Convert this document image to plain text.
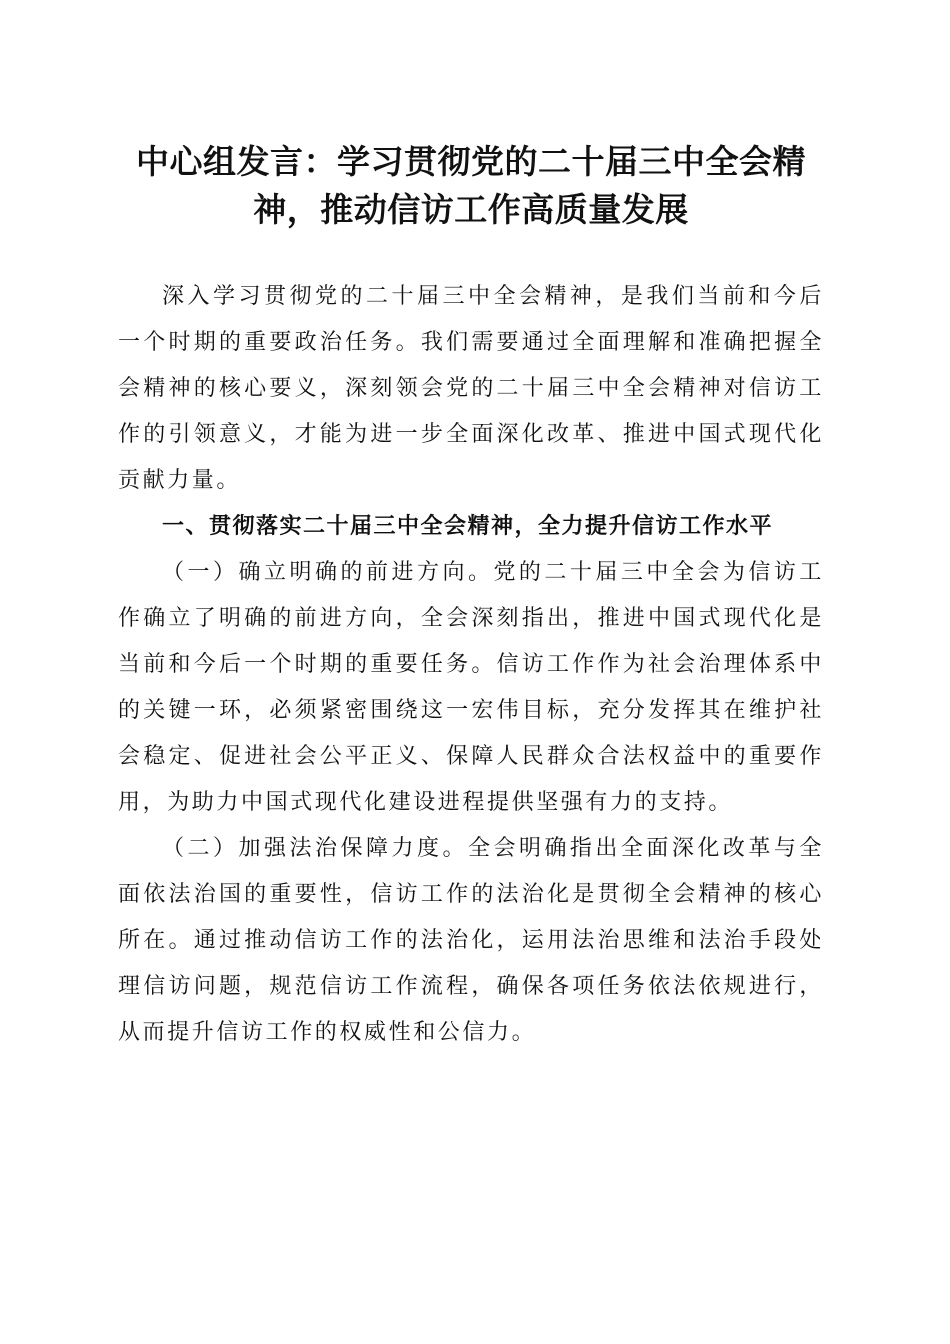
中心组发言：学习贯彻党的二十届三中全会精神，推动信访工作高质量发展

深入学习贯彻党的二十届三中全会精神，是我们当前和今后一个时期的重要政治任务。我们需要通过全面理解和准确把握全会精神的核心要义，深刻领会党的二十届三中全会精神对信访工作的引领意义，才能为进一步全面深化改革、推进中国式现代化贡献力量。

一、贯彻落实二十届三中全会精神，全力提升信访工作水平

（一）确立明确的前进方向。党的二十届三中全会为信访工作确立了明确的前进方向，全会深刻指出，推进中国式现代化是当前和今后一个时期的重要任务。信访工作作为社会治理体系中的关键一环，必须紧密围绕这一宏伟目标，充分发挥其在维护社会稳定、促进社会公平正义、保障人民群众合法权益中的重要作用，为助力中国式现代化建设进程提供坚强有力的支持。

（二）加强法治保障力度。全会明确指出全面深化改革与全面依法治国的重要性，信访工作的法治化是贯彻全会精神的核心所在。通过推动信访工作的法治化，运用法治思维和法治手段处理信访问题，规范信访工作流程，确保各项任务依法依规进行，从而提升信访工作的权威性和公信力。
